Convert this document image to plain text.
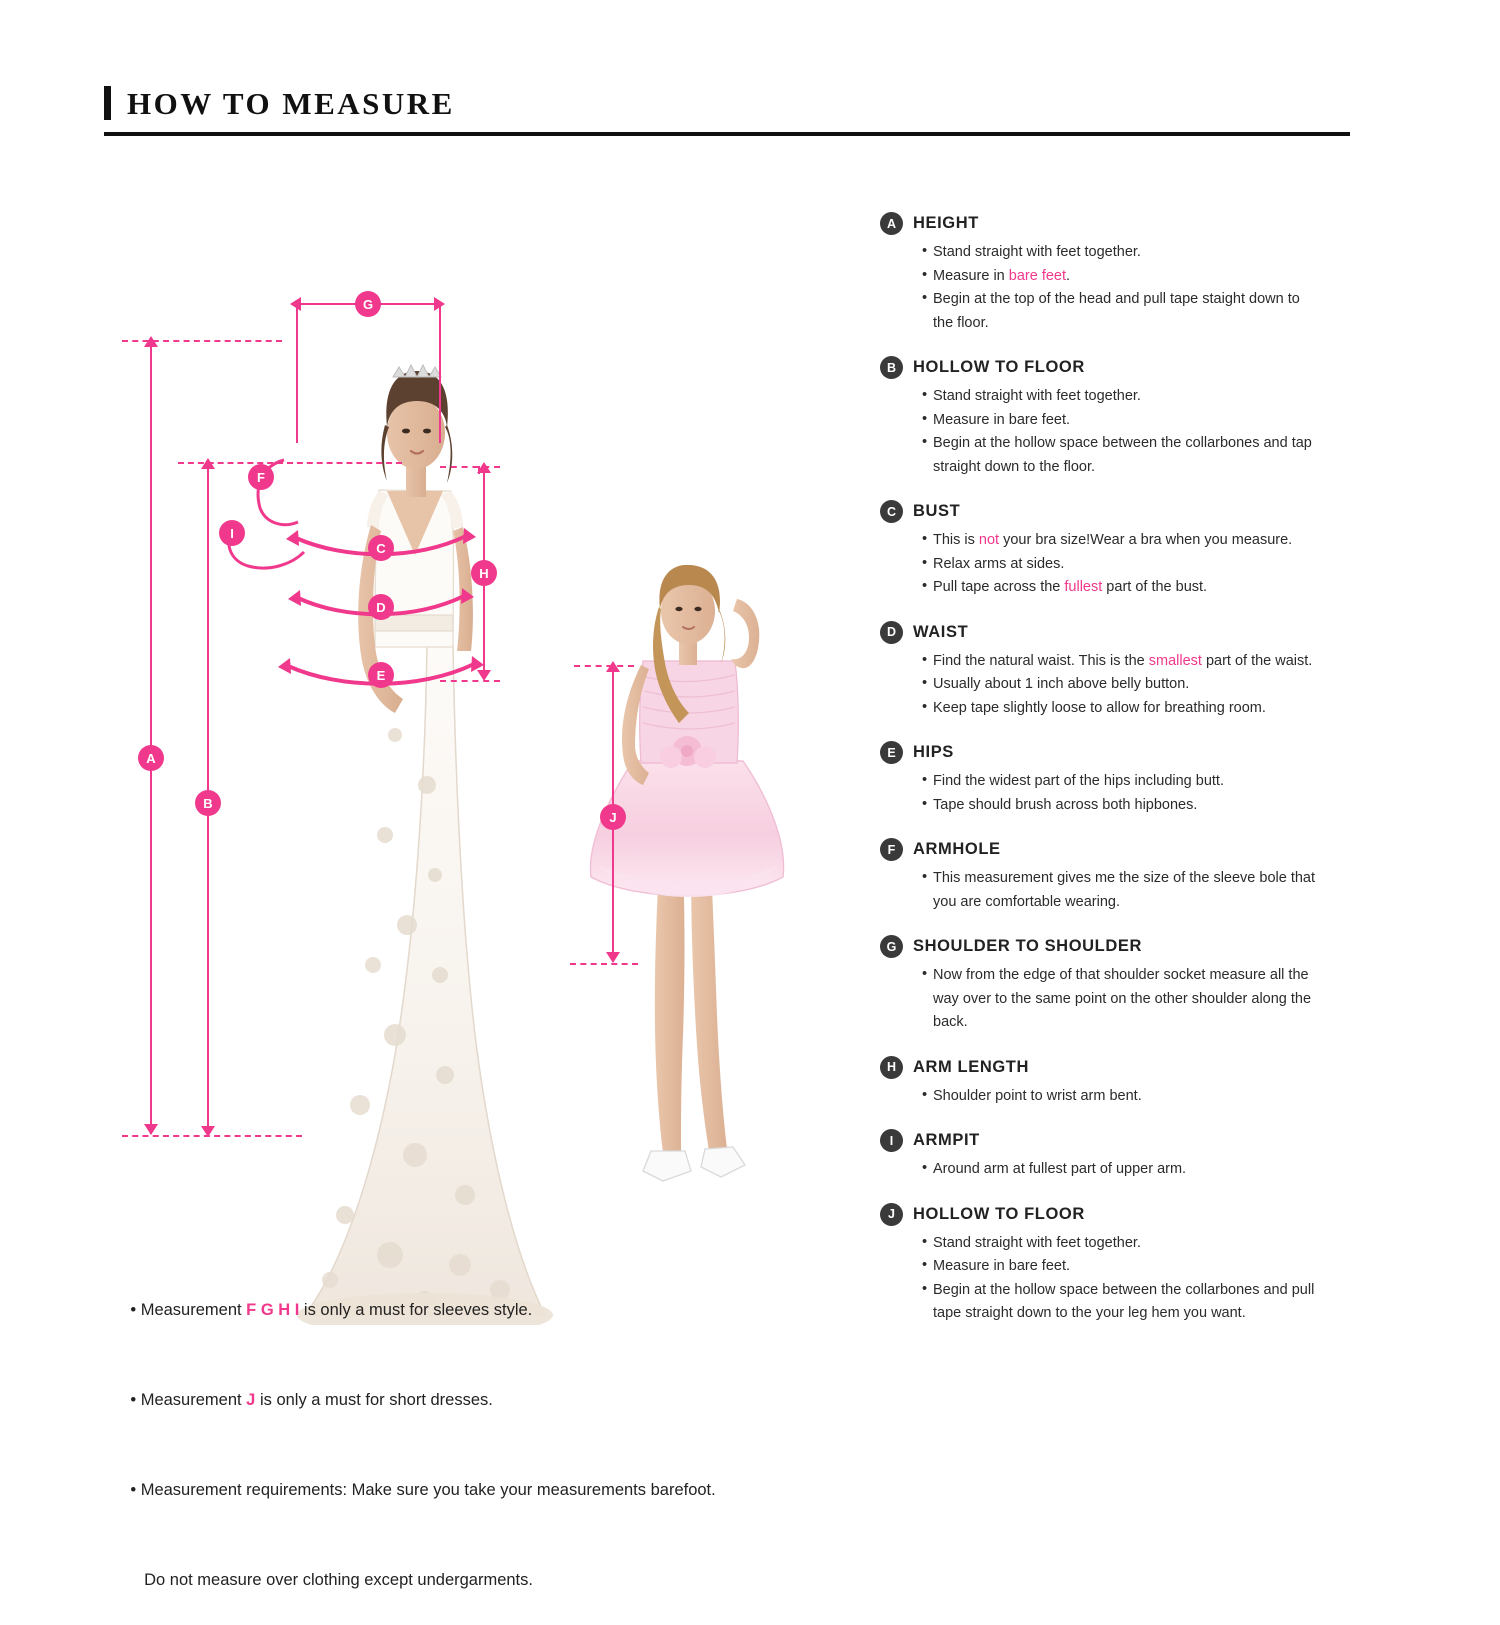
HOW TO MEASURE
G
A
B
F
I
C
D
E
H
J

• Measurement F G H I is only a must for sleeves style.

• Measurement J is only a must for short dresses.

• Measurement requirements: Make sure you take your measurements barefoot.

Do not measure over clothing except undergarments.

A	HEIGHT
• Stand straight with feet together.
• Measure in bare feet.
• Begin at the top of the head and pull tape staight down to
the floor.
B	HOLLOW TO FLOOR
• Stand straight with feet together.
• Measure in bare feet.
• Begin at the hollow space between the collarbones and tap
straight down to the floor.
C	BUST
• This is not your bra size!Wear a bra when you measure.
• Relax arms at sides.
• Pull tape across the fullest part of the bust.
D	WAIST
• Find the natural waist. This is the smallest part of the waist.
• Usually about 1 inch above belly button.
• Keep tape slightly loose to allow for breathing room.
E	HIPS
• Find the widest part of the hips including butt.
• Tape should brush across both hipbones.
F	ARMHOLE
• This measurement gives me the size of the sleeve bole that
you are comfortable wearing.
G	SHOULDER TO SHOULDER
• Now from the edge of that shoulder socket measure all the
way over to the same point on the other shoulder along the
back.
H	ARM LENGTH
• Shoulder point to wrist arm bent.
I	ARMPIT
• Around arm at fullest part of upper arm.
J	HOLLOW TO FLOOR
• Stand straight with feet together.
• Measure in bare feet.
• Begin at the hollow space between the collarbones and pull
tape straight down to the your leg hem you want.
